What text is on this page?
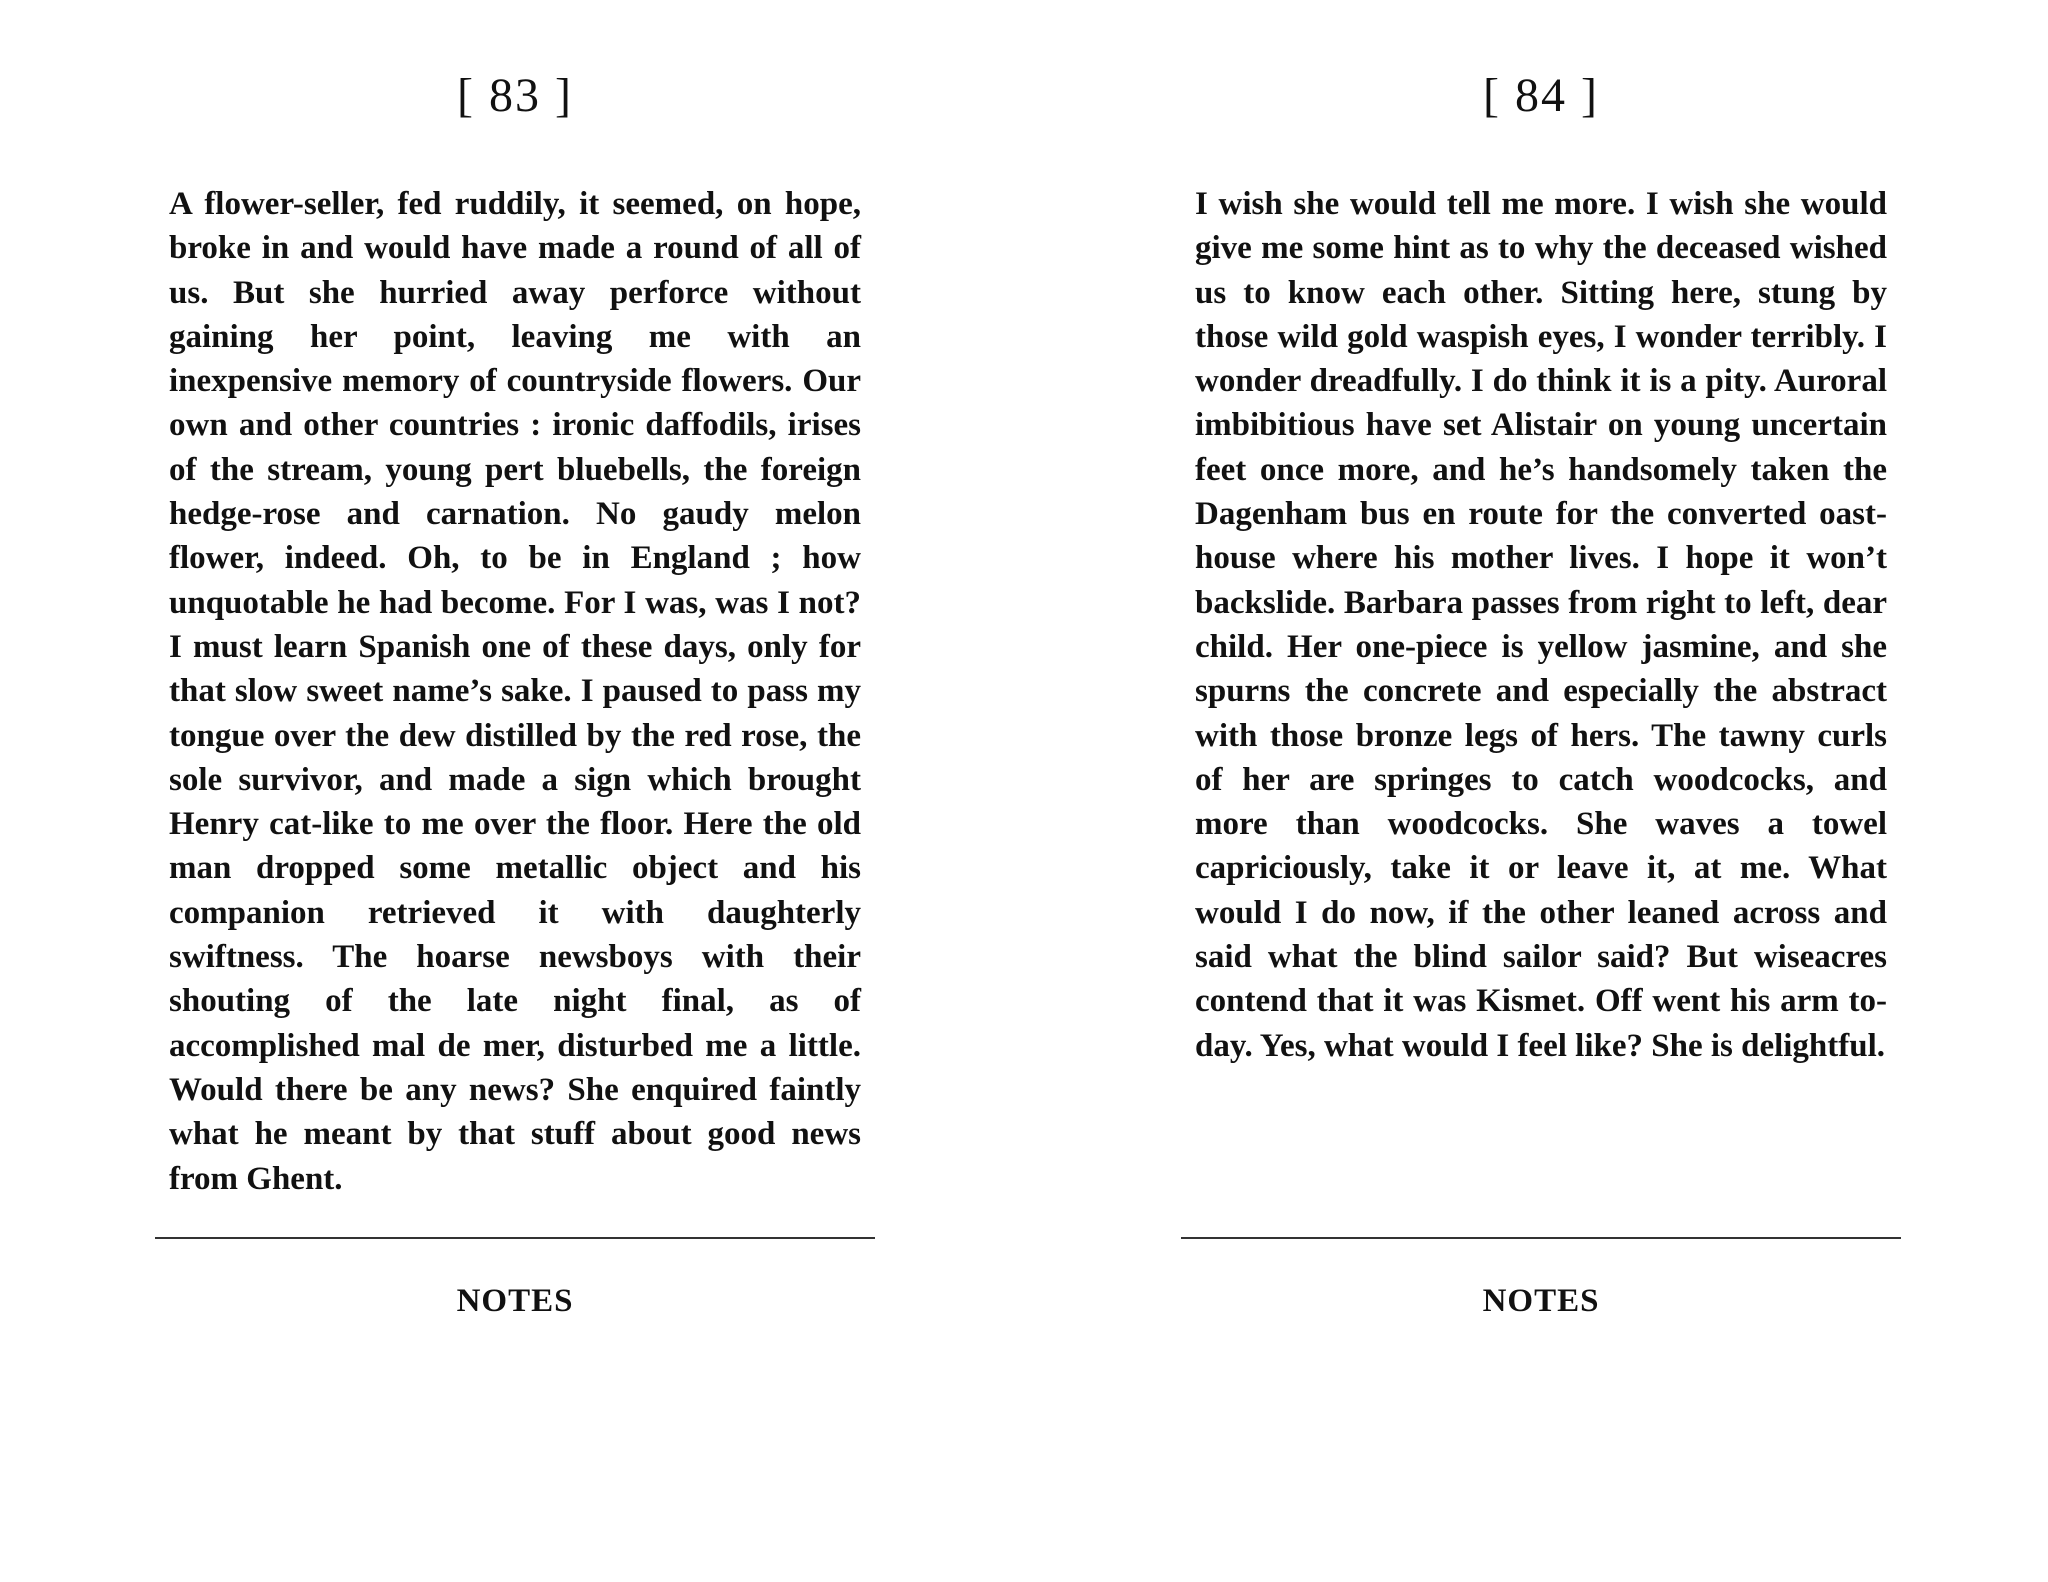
[ 83 ]

A flower-seller, fed ruddily, it seemed, on hope, broke in and would have made a round of all of us. But she hurried away perforce without gaining her point, leaving me with an inexpensive memory of countryside flowers. Our own and other countries : ironic daffodils, irises of the stream, young pert bluebells, the foreign hedge-rose and carnation. No gaudy melon flower, indeed. Oh, to be in England ; how unquotable he had become. For I was, was I not? I must learn Spanish one of these days, only for that slow sweet name’s sake. I paused to pass my tongue over the dew distilled by the red rose, the sole survivor, and made a sign which brought Henry cat-like to me over the floor. Here the old man dropped some metallic object and his companion retrieved it with daughterly swiftness. The hoarse newsboys with their shouting of the late night final, as of accomplished mal de mer, disturbed me a little. Would there be any news? She enquired faintly what he meant by that stuff about good news from Ghent.

NOTES
[ 84 ]

I wish she would tell me more. I wish she would give me some hint as to why the deceased wished us to know each other. Sitting here, stung by those wild gold waspish eyes, I wonder terribly. I wonder dreadfully. I do think it is a pity. Auroral imbibitious have set Alistair on young uncertain feet once more, and he’s handsomely taken the Dagenham bus en route for the converted oast-house where his mother lives. I hope it won’t backslide. Barbara passes from right to left, dear child. Her one-piece is yellow jasmine, and she spurns the concrete and especially the abstract with those bronze legs of hers. The tawny curls of her are springes to catch woodcocks, and more than woodcocks. She waves a towel capriciously, take it or leave it, at me. What would I do now, if the other leaned across and said what the blind sailor said? But wiseacres contend that it was Kismet. Off went his arm to-day. Yes, what would I feel like? She is delightful.

NOTES
